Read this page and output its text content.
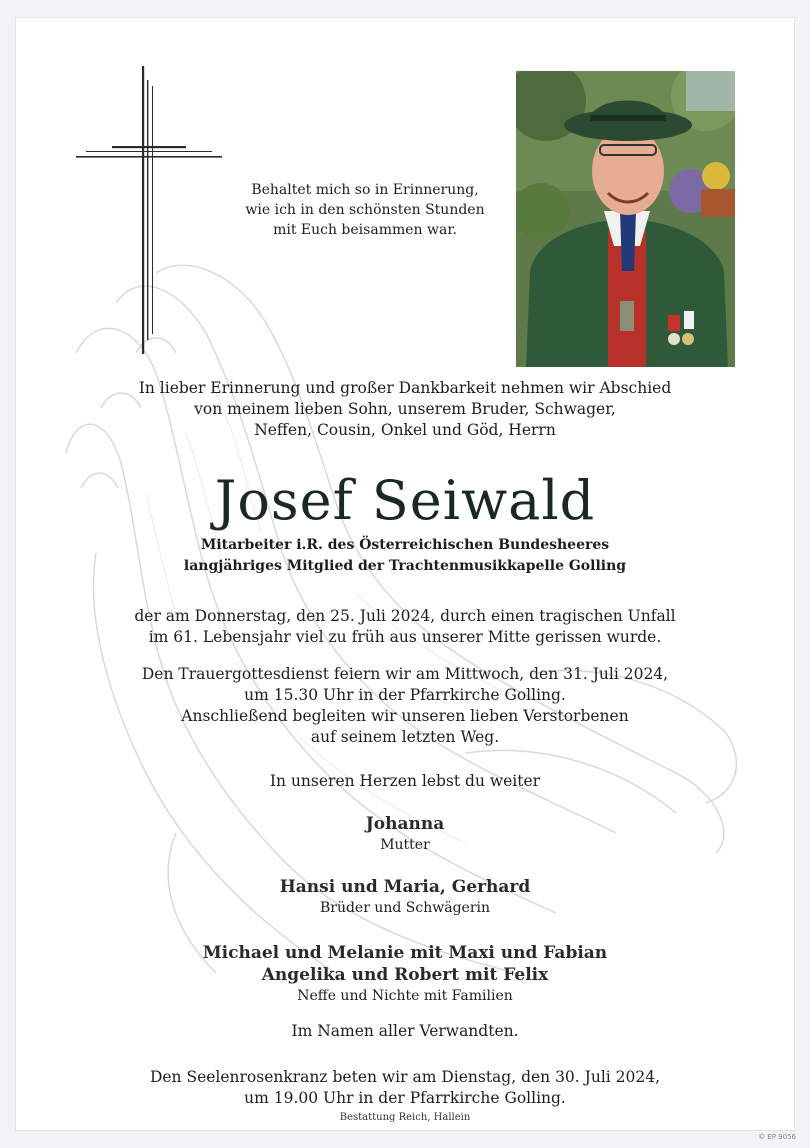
Behaltet mich so in Erinnerung,
wie ich in den schönsten Stunden
mit Euch beisammen war.
In lieber Erinnerung und großer Dankbarkeit nehmen wir Abschied
von meinem lieben Sohn, unserem Bruder, Schwager,
Neffen, Cousin, Onkel und Göd, Herrn
Josef Seiwald
Mitarbeiter i.R. des Österreichischen Bundesheeres
langjähriges Mitglied der Trachtenmusikkapelle Golling
der am Donnerstag, den 25. Juli 2024, durch einen tragischen Unfall
im 61. Lebensjahr viel zu früh aus unserer Mitte gerissen wurde.
Den Trauergottesdienst feiern wir am Mittwoch, den 31. Juli 2024,
um 15.30 Uhr in der Pfarrkirche Golling.
Anschließend begleiten wir unseren lieben Verstorbenen
auf seinem letzten Weg.
In unseren Herzen lebst du weiter
Johanna
Mutter
Hansi und Maria, Gerhard
Brüder und Schwägerin
Michael und Melanie mit Maxi und Fabian
Angelika und Robert mit Felix
Neffe und Nichte mit Familien
Im Namen aller Verwandten.
Den Seelenrosenkranz beten wir am Dienstag, den 30. Juli 2024,
um 19.00 Uhr in der Pfarrkirche Golling.
Bestattung Reich, Hallein
© EP 9056
